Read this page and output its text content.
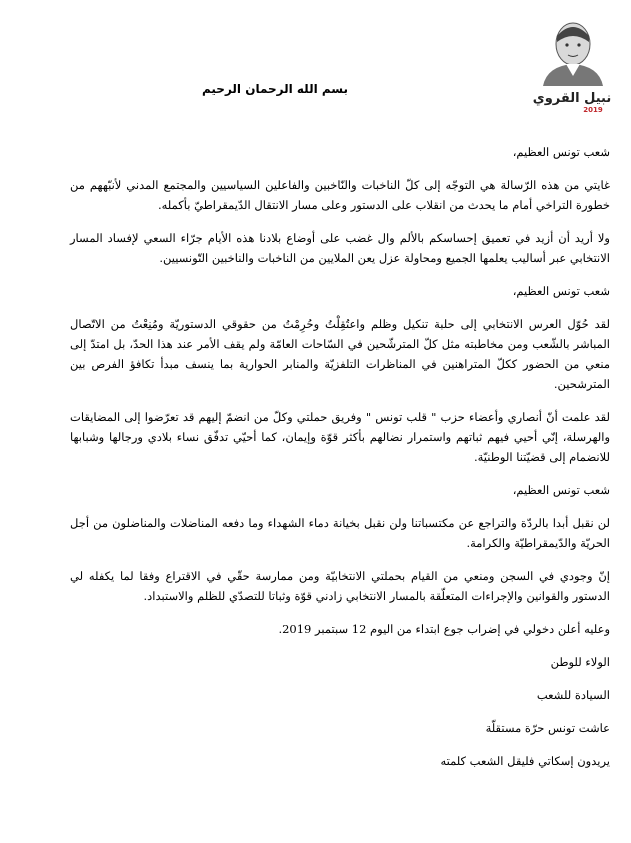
نبيل القروي
2019
بسم الله الرحمان الرحيم

شعب تونس العظيم،

غايتي من هذه الرّسالة هي التوجّه إلى كلّ الناخبات والنّاخبين والفاعلين السياسيين والمجتمع المدني لأنبّههم من خطورة التراخي أمام ما يحدث من انقلاب على الدستور وعلى مسار الانتقال الدّيمقراطيّ بأكمله.

ولا أريد أن أزيد في تعميق إحساسكم بالألم وال غضب على أوضاع بلادنا هذه الأيام جرّاء السعي لإفساد المسار الانتخابي عبر أساليب يعلمها الجميع ومحاولة عزل يعن الملايين من الناخبات والناخبين التّونسيين.

شعب تونس العظيم،

لقد حُوّل العرس الانتخابي إلى حلبة تنكيل وظلم واعتُقِلْتُ وحُرِمْتُ من حقوقي الدستوريّة ومُنِعْتُ من الاتّصال المباشر بالشّعب ومن مخاطبته مثل كلّ المترشّحين في السّاحات العامّة ولم يقف الأمر عند هذا الحدّ، بل امتدّ إلى منعي من الحضور ككلّ المتراهنين في المناظرات التلفزيّة والمنابر الحوارية بما ينسف مبدأ تكافؤ الفرص بين المترشحين.

لقد علمت أنّ أنصاري وأعضاء حزب " قلب تونس " وفريق حملتي وكلّ من انضمّ إليهم قد تعرّضوا إلى المضايقات والهرسلة، إنّي أحيي فيهم ثباتهم واستمرار نضالهم بأكثر قوّة وإيمان، كما أحيّي تدفّق نساء بلادي ورجالها وشبابها للانضمام إلى قضيّتنا الوطنيّة.

شعب تونس العظيم،

لن نقبل أبدا بالردّة والتراجع عن مكتسباتنا ولن نقبل بخيانة دماء الشهداء وما دفعه المناضلات والمناضلون من أجل الحريّة والدّيمقراطيّة والكرامة.

إنّ وجودي في السجن ومنعي من القيام بحملتي الانتخابيّة ومن ممارسة حقّي في الاقتراع وفقا لما يكفله لي الدستور والقوانين والإجراءات المتعلّقة بالمسار الانتخابي زادني قوّة وثباتا للتصدّي للظلم والاستبداد.

وعليه أعلن دخولي في إضراب جوع ابتداء من اليوم 12 سبتمبر 2019.

الولاء للوطن

السيادة للشعب

عاشت تونس حرّة مستقلّة

يريدون إسكاتي فليقل الشعب كلمته
